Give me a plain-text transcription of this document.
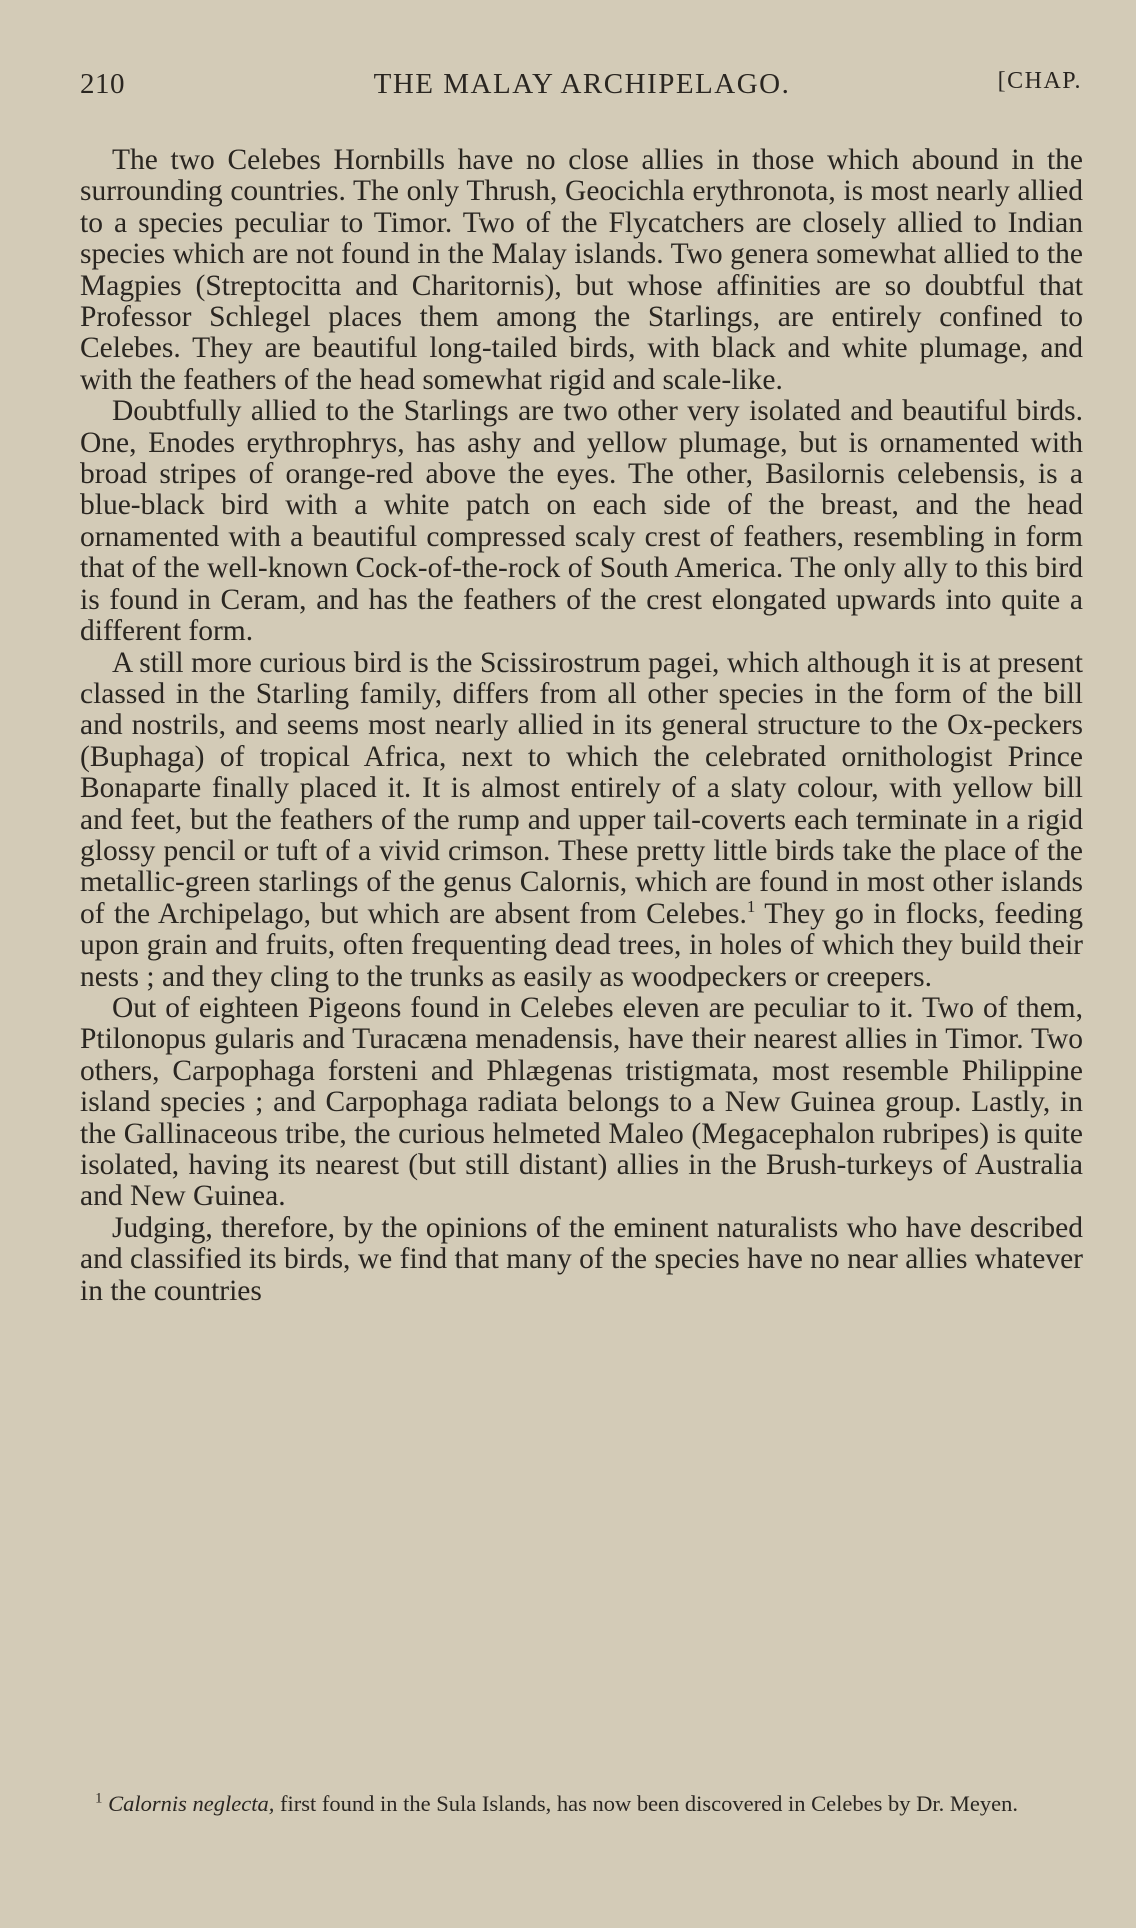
210	THE MALAY ARCHIPELAGO.	[CHAP.

The two Celebes Hornbills have no close allies in those which abound in the surrounding countries. The only Thrush, Geocichla erythronota, is most nearly allied to a species peculiar to Timor. Two of the Flycatchers are closely allied to Indian species which are not found in the Malay islands. Two genera somewhat allied to the Magpies (Streptocitta and Charitornis), but whose affinities are so doubtful that Professor Schlegel places them among the Starlings, are entirely confined to Celebes. They are beautiful long-tailed birds, with black and white plumage, and with the feathers of the head somewhat rigid and scale-like.

Doubtfully allied to the Starlings are two other very isolated and beautiful birds. One, Enodes erythrophrys, has ashy and yellow plumage, but is ornamented with broad stripes of orange-red above the eyes. The other, Basilornis celebensis, is a blue-black bird with a white patch on each side of the breast, and the head ornamented with a beautiful compressed scaly crest of feathers, resembling in form that of the well-known Cock-of-the-rock of South America. The only ally to this bird is found in Ceram, and has the feathers of the crest elongated upwards into quite a different form.

A still more curious bird is the Scissirostrum pagei, which although it is at present classed in the Starling family, differs from all other species in the form of the bill and nostrils, and seems most nearly allied in its general structure to the Ox-peckers (Buphaga) of tropical Africa, next to which the celebrated ornithologist Prince Bonaparte finally placed it. It is almost entirely of a slaty colour, with yellow bill and feet, but the feathers of the rump and upper tail-coverts each terminate in a rigid glossy pencil or tuft of a vivid crimson. These pretty little birds take the place of the metallic-green starlings of the genus Calornis, which are found in most other islands of the Archipelago, but which are absent from Celebes.$^1$ They go in flocks, feeding upon grain and fruits, often frequenting dead trees, in holes of which they build their nests ; and they cling to the trunks as easily as woodpeckers or creepers.

Out of eighteen Pigeons found in Celebes eleven are peculiar to it. Two of them, Ptilonopus gularis and Turacæna menadensis, have their nearest allies in Timor. Two others, Carpophaga forsteni and Phlægenas tristigmata, most resemble Philippine island species ; and Carpophaga radiata belongs to a New Guinea group. Lastly, in the Gallinaceous tribe, the curious helmeted Maleo (Megacephalon rubripes) is quite isolated, having its nearest (but still distant) allies in the Brush-turkeys of Australia and New Guinea.

Judging, therefore, by the opinions of the eminent naturalists who have described and classified its birds, we find that many of the species have no near allies whatever in the countries

$^1$ Calornis neglecta, first found in the Sula Islands, has now been discovered in Celebes by Dr. Meyen.
